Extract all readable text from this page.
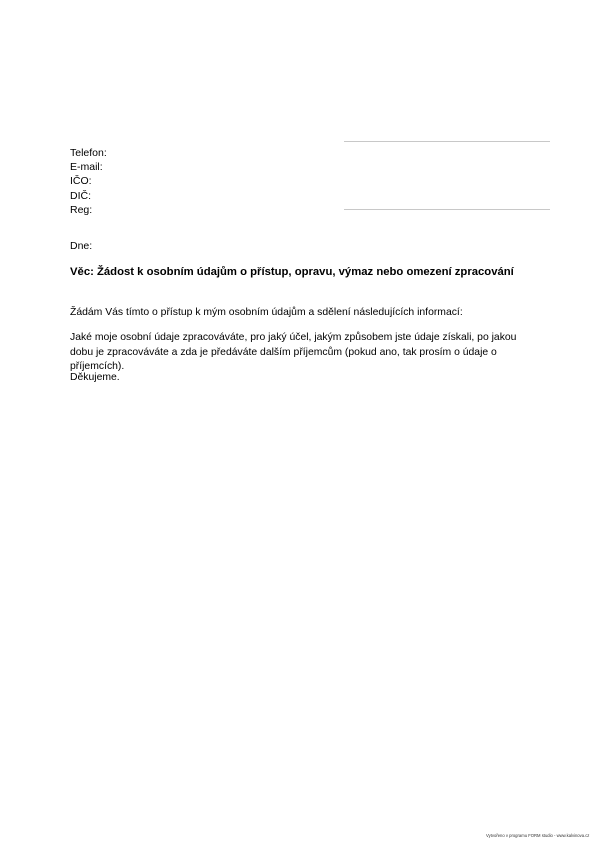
Telefon:
E-mail:
IČO:
DIČ:
Reg:
Dne:
Věc: Žádost k osobním údajům o přístup, opravu, výmaz nebo omezení zpracování
Žádám Vás tímto o přístup k mým osobním údajům a sdělení následujících informací:
Jaké moje osobní údaje zpracováváte, pro jaký účel, jakým způsobem jste údaje získali, po jakou dobu je zpracováváte a zda je předáváte dalším příjemcům (pokud ano, tak prosím o údaje o příjemcích).
Děkujeme.
Vytvořeno v programu FORM studio - www.kalvinova.cz
